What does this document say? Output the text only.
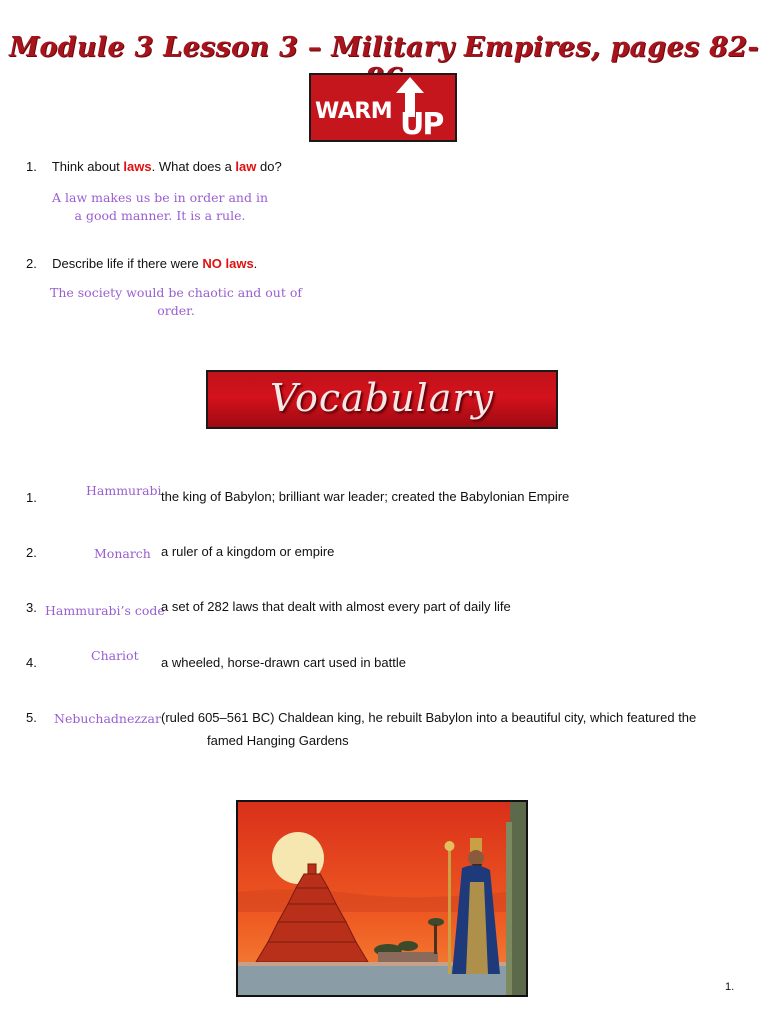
Module 3 Lesson 3 – Military Empires, pages 82-
WARM UP
1. Think about laws. What does a law do?
A law makes us be in order and in
a good manner. It is a rule.
2. Describe life if there were NO laws.
The society would be chaotic and out of
order.
Vocabulary
1.	Hammurabi the king of Babylon; brilliant war leader; created the Babylonian Empire
2.	Monarch a ruler of a kingdom or empire
3. Hammurabi’s code
a set of 282 laws that dealt with almost every part of daily life
4.	Chariot a wheeled, horse-drawn cart used in battle
5. Nebuchadnezzar (ruled 605–561 BC) Chaldean king, he rebuilt Babylon into a beautiful city, which featured the
famed Hanging Gardens
1.
